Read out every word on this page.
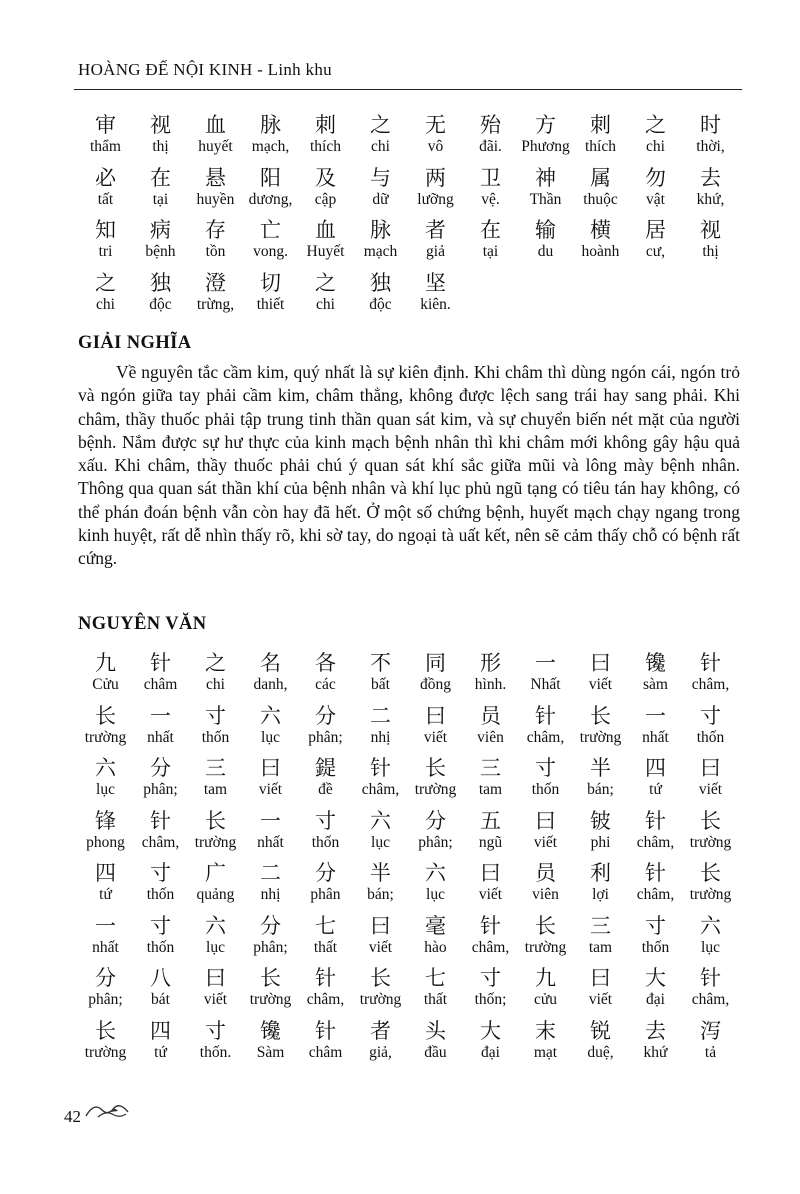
HOÀNG ĐẾ NỘI KINH - Linh khu
审
thẩm
视
thị
血
huyết
脉
mạch,
刺
thích
之
chi
无
vô
殆
đãi.
方
Phương
刺
thích
之
chi
时
thời,
必
tất
在
tại
悬
huyền
阳
dương,
及
cập
与
dữ
两
lưỡng
卫
vệ.
神
Thần
属
thuộc
勿
vật
去
khứ,
知
tri
病
bệnh
存
tồn
亡
vong.
血
Huyết
脉
mạch
者
giả
在
tại
输
du
横
hoành
居
cư,
视
thị
之
chi
独
độc
澄
trừng,
切
thiết
之
chi
独
độc
坚
kiên.
GIẢI NGHĨA

Về nguyên tắc cầm kim, quý nhất là sự kiên định. Khi châm thì dùng ngón cái, ngón trỏ và ngón giữa tay phải cầm kim, châm thẳng, không được lệch sang trái hay sang phải. Khi châm, thầy thuốc phải tập trung tinh thần quan sát kim, và sự chuyển biến nét mặt của người bệnh. Nắm được sự hư thực của kinh mạch bệnh nhân thì khi châm mới không gây hậu quả xấu. Khi châm, thầy thuốc phải chú ý quan sát khí sắc giữa mũi và lông mày bệnh nhân. Thông qua quan sát thần khí của bệnh nhân và khí lục phủ ngũ tạng có tiêu tán hay không, có thể phán đoán bệnh vẫn còn hay đã hết. Ở một số chứng bệnh, huyết mạch chạy ngang trong kinh huyệt, rất dễ nhìn thấy rõ, khi sờ tay, do ngoại tà uất kết, nên sẽ cảm thấy chỗ có bệnh rất cứng.

NGUYÊN VĂN
九
Cửu
针
châm
之
chi
名
danh,
各
các
不
bất
同
đồng
形
hình.
一
Nhất
曰
viết
镵
sàm
针
châm,
长
trường
一
nhất
寸
thốn
六
lục
分
phân;
二
nhị
曰
viết
员
viên
针
châm,
长
trường
一
nhất
寸
thốn
六
lục
分
phân;
三
tam
曰
viết
鍉
đề
针
châm,
长
trường
三
tam
寸
thốn
半
bán;
四
tứ
曰
viết
锋
phong
针
châm,
长
trường
一
nhất
寸
thốn
六
lục
分
phân;
五
ngũ
曰
viết
铍
phi
针
châm,
长
trường
四
tứ
寸
thốn
广
quảng
二
nhị
分
phân
半
bán;
六
lục
曰
viết
员
viên
利
lợi
针
châm,
长
trường
一
nhất
寸
thốn
六
lục
分
phân;
七
thất
曰
viết
毫
hào
针
châm,
长
trường
三
tam
寸
thốn
六
lục
分
phân;
八
bát
曰
viết
长
trường
针
châm,
长
trường
七
thất
寸
thốn;
九
cửu
曰
viết
大
đại
针
châm,
长
trường
四
tứ
寸
thốn.
镵
Sàm
针
châm
者
giả,
头
đầu
大
đại
末
mạt
锐
duệ,
去
khứ
泻
tả
42
